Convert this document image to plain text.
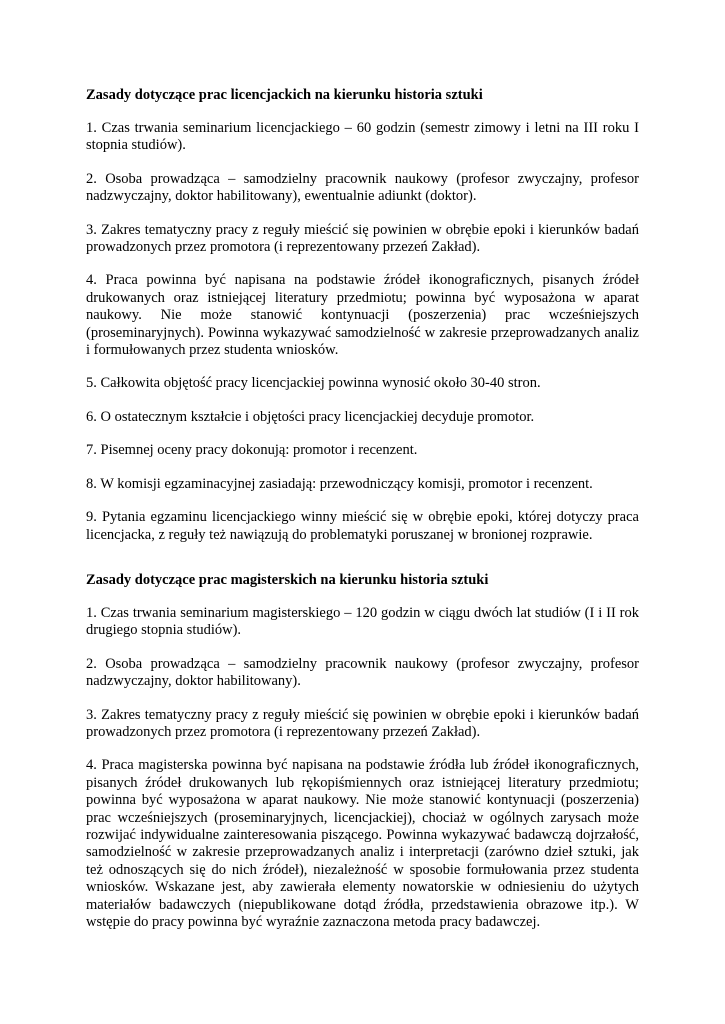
Zasady dotyczące prac licencjackich na kierunku historia sztuki
1. Czas trwania seminarium licencjackiego – 60 godzin (semestr zimowy i letni na III roku I stopnia studiów).
2. Osoba prowadząca – samodzielny pracownik naukowy (profesor zwyczajny, profesor nadzwyczajny, doktor habilitowany), ewentualnie adiunkt (doktor).
3. Zakres tematyczny pracy z reguły mieścić się powinien w obrębie epoki i kierunków badań prowadzonych przez promotora (i reprezentowany przezeń Zakład).
4. Praca powinna być napisana na podstawie źródeł ikonograficznych, pisanych źródeł drukowanych oraz istniejącej literatury przedmiotu; powinna być wyposażona w aparat naukowy. Nie może stanowić kontynuacji (poszerzenia) prac wcześniejszych (proseminaryjnych). Powinna wykazywać samodzielność w zakresie przeprowadzanych analiz i formułowanych przez studenta wniosków.
5. Całkowita objętość pracy licencjackiej powinna wynosić około 30-40 stron.
6. O ostatecznym kształcie i objętości pracy licencjackiej decyduje promotor.
7. Pisemnej oceny pracy dokonują: promotor i recenzent.
8. W komisji egzaminacyjnej zasiadają: przewodniczący komisji, promotor i recenzent.
9. Pytania egzaminu licencjackiego winny mieścić się w obrębie epoki, której dotyczy praca licencjacka, z reguły też nawiązują do problematyki poruszanej w bronionej rozprawie.
Zasady dotyczące prac magisterskich na kierunku historia sztuki
1. Czas trwania seminarium magisterskiego – 120 godzin w ciągu dwóch lat studiów (I i II rok drugiego stopnia studiów).
2. Osoba prowadząca – samodzielny pracownik naukowy (profesor zwyczajny, profesor nadzwyczajny, doktor habilitowany).
3. Zakres tematyczny pracy z reguły mieścić się powinien w obrębie epoki i kierunków badań prowadzonych przez promotora (i reprezentowany przezeń Zakład).
4. Praca magisterska powinna być napisana na podstawie źródła lub źródeł ikonograficznych, pisanych źródeł drukowanych lub rękopiśmiennych oraz istniejącej literatury przedmiotu; powinna być wyposażona w aparat naukowy. Nie może stanowić kontynuacji (poszerzenia) prac wcześniejszych (proseminaryjnych, licencjackiej), chociaż w ogólnych zarysach może rozwijać indywidualne zainteresowania piszącego. Powinna wykazywać badawczą dojrzałość, samodzielność w zakresie przeprowadzanych analiz i interpretacji (zarówno dzieł sztuki, jak też odnoszących się do nich źródeł), niezależność w sposobie formułowania przez studenta wniosków. Wskazane jest, aby zawierała elementy nowatorskie w odniesieniu do użytych materiałów badawczych (niepublikowane dotąd źródła, przedstawienia obrazowe itp.). W wstępie do pracy powinna być wyraźnie zaznaczona metoda pracy badawczej.
